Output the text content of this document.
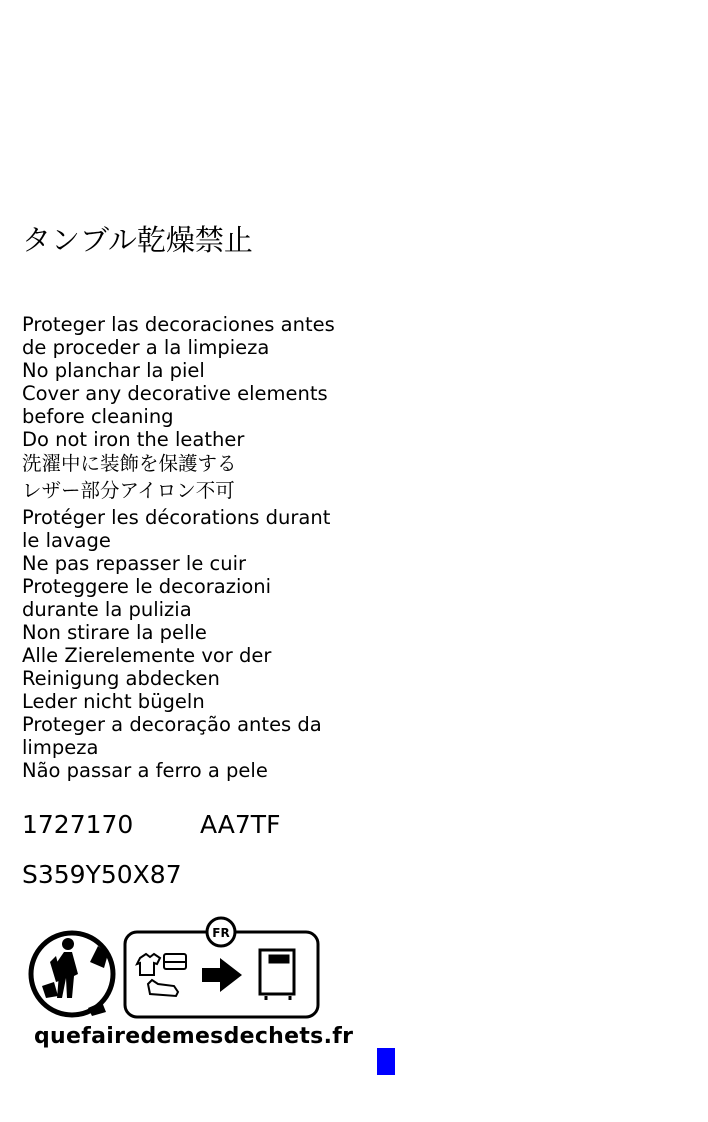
タンブル乾燥禁止
Proteger las decoraciones antes
de proceder a la limpieza
No planchar la piel
Cover any decorative elements
before cleaning
Do not iron the leather
洗濯中に装飾を保護する
レザー部分アイロン不可
Protéger les décorations durant
le lavage
Ne pas repasser le cuir
Proteggere le decorazioni
durante la pulizia
Non stirare la pelle
Alle Zierelemente vor der
Reinigung abdecken
Leder nicht bügeln
Proteger a decoração antes da
limpeza
Não passar a ferro a pele
1727170	AA7TF
S359Y50X87
FR
quefairedemesdechets.fr
